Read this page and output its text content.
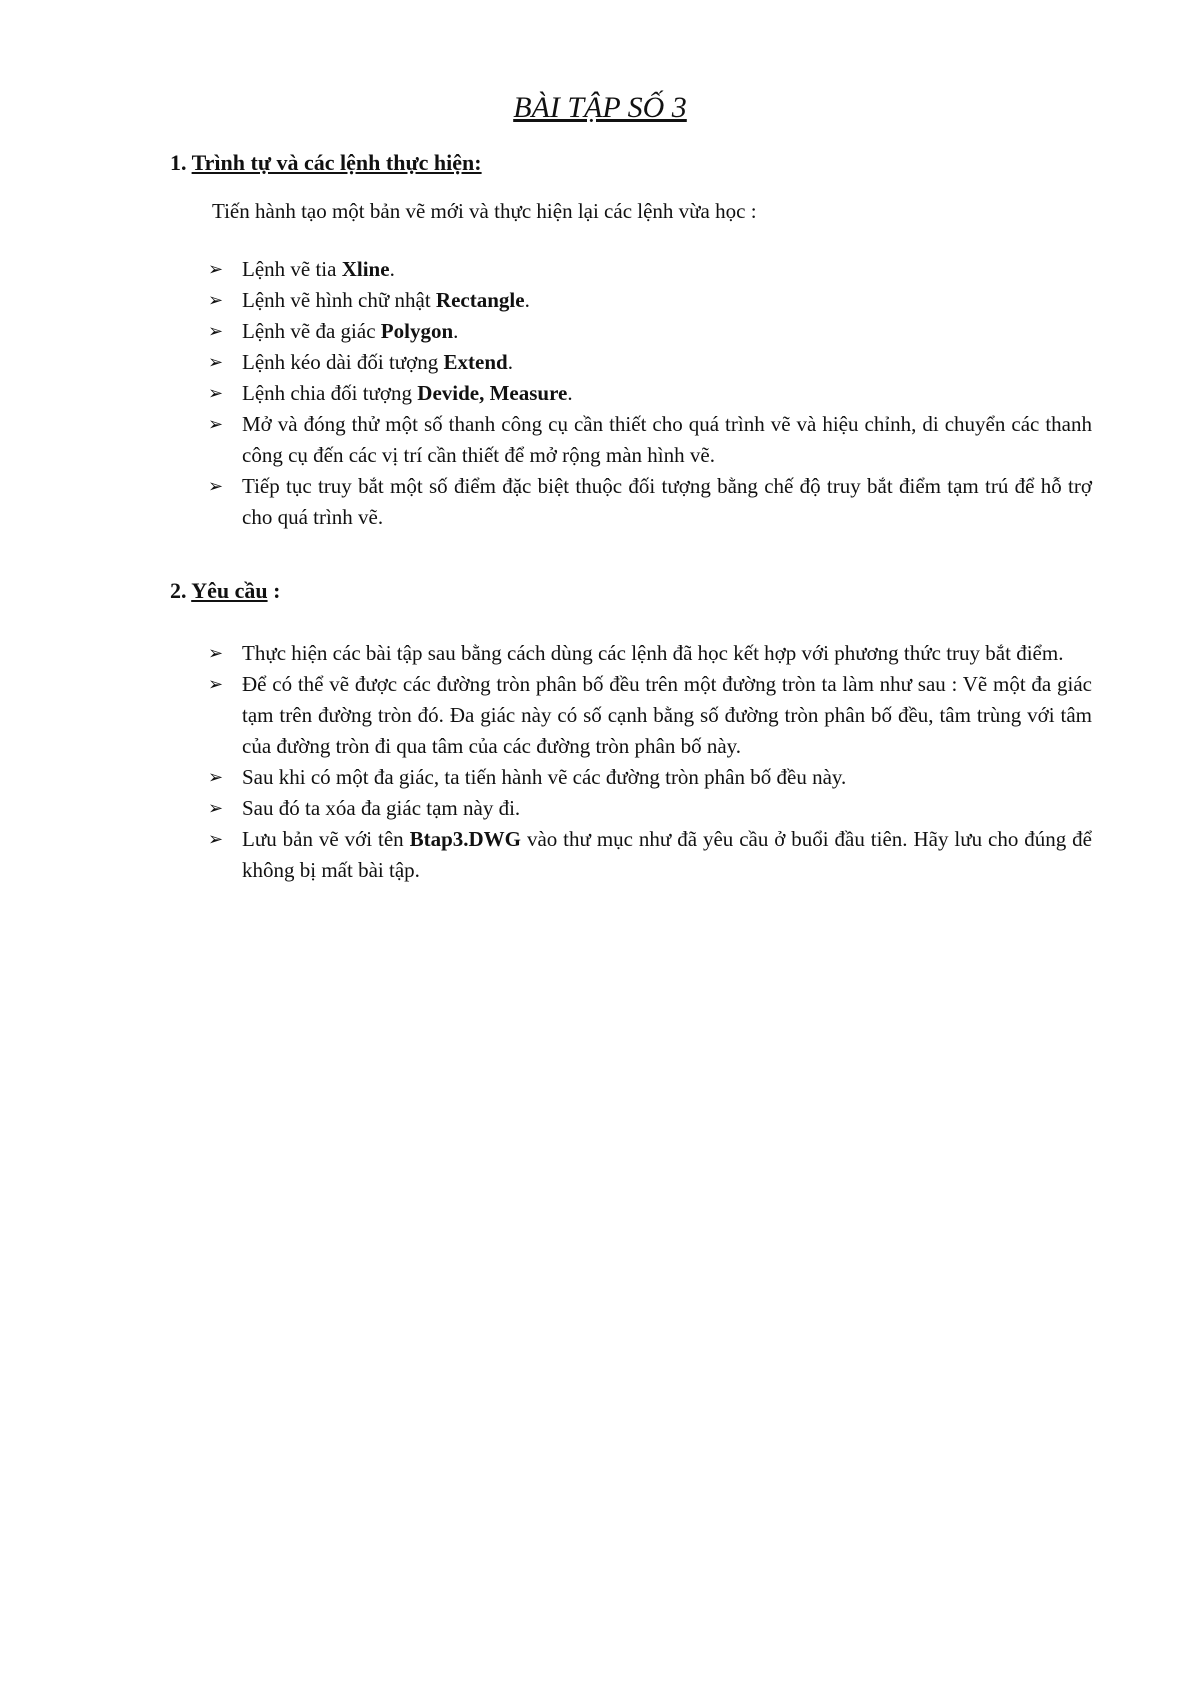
BÀI TẬP SỐ 3
1. Trình tự và các lệnh thực hiện:
Tiến hành tạo một bản vẽ mới và thực hiện lại các lệnh vừa học :
➢ Lệnh vẽ tia Xline.
➢ Lệnh vẽ hình chữ nhật Rectangle.
➢ Lệnh vẽ đa giác Polygon.
➢ Lệnh kéo dài đối tượng Extend.
➢ Lệnh chia đối tượng Devide, Measure.
➢ Mở và đóng thử một số thanh công cụ cần thiết cho quá trình vẽ và hiệu chỉnh, di chuyển các thanh công cụ đến các vị trí cần thiết để mở rộng màn hình vẽ.
➢ Tiếp tục truy bắt một số điểm đặc biệt thuộc đối tượng bằng chế độ truy bắt điểm tạm trú để hỗ trợ cho quá trình vẽ.
2. Yêu cầu :
➢ Thực hiện các bài tập sau bằng cách dùng các lệnh đã học kết hợp với phương thức truy bắt điểm.
➢ Để có thể vẽ được các đường tròn phân bố đều trên một đường tròn ta làm như sau : Vẽ một đa giác tạm trên đường tròn đó. Đa giác này có số cạnh bằng số đường tròn phân bố đều, tâm trùng với tâm của đường tròn đi qua tâm của các đường tròn phân bố này.
➢ Sau khi có một đa giác, ta tiến hành vẽ các đường tròn phân bố đều này.
➢ Sau đó ta xóa đa giác tạm này đi.
➢ Lưu bản vẽ với tên Btap3.DWG vào thư mục như đã yêu cầu ở buổi đầu tiên. Hãy lưu cho đúng để không bị mất bài tập.
